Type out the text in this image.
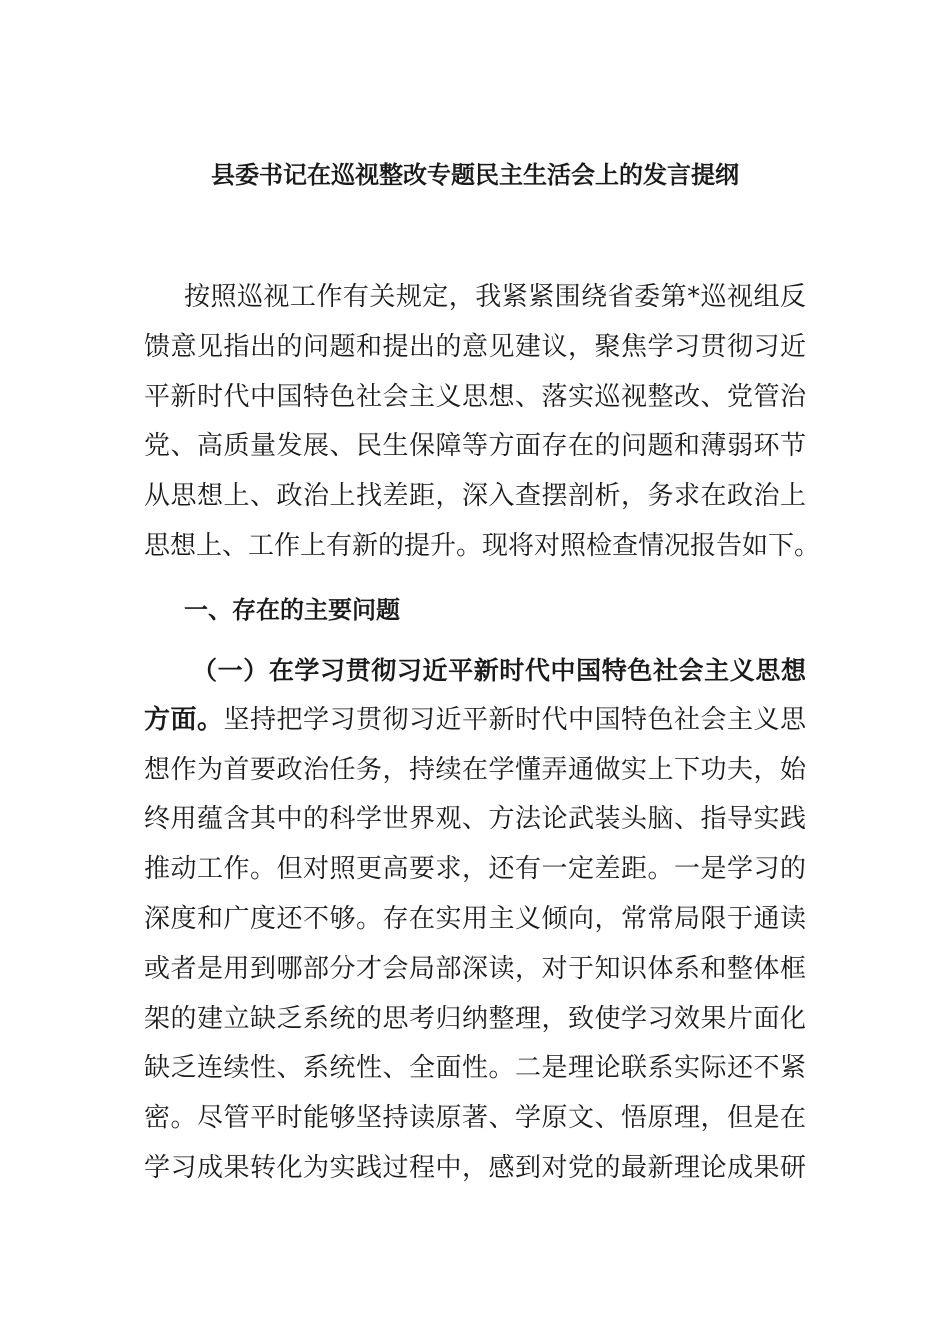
县委书记在巡视整改专题民主生活会上的发言提纲
按照巡视工作有关规定，我紧紧围绕省委第*巡视组反
馈意见指出的问题和提出的意见建议，聚焦学习贯彻习近
平新时代中国特色社会主义思想、落实巡视整改、党管治
党、高质量发展、民生保障等方面存在的问题和薄弱环节
从思想上、政治上找差距，深入查摆剖析，务求在政治上
思想上、工作上有新的提升。现将对照检查情况报告如下。
一、存在的主要问题
（一）在学习贯彻习近平新时代中国特色社会主义思想
方面。坚持把学习贯彻习近平新时代中国特色社会主义思
想作为首要政治任务，持续在学懂弄通做实上下功夫，始
终用蕴含其中的科学世界观、方法论武装头脑、指导实践
推动工作。但对照更高要求，还有一定差距。一是学习的
深度和广度还不够。存在实用主义倾向，常常局限于通读
或者是用到哪部分才会局部深读，对于知识体系和整体框
架的建立缺乏系统的思考归纳整理，致使学习效果片面化
缺乏连续性、系统性、全面性。二是理论联系实际还不紧
密。尽管平时能够坚持读原著、学原文、悟原理，但是在
学习成果转化为实践过程中，感到对党的最新理论成果研
